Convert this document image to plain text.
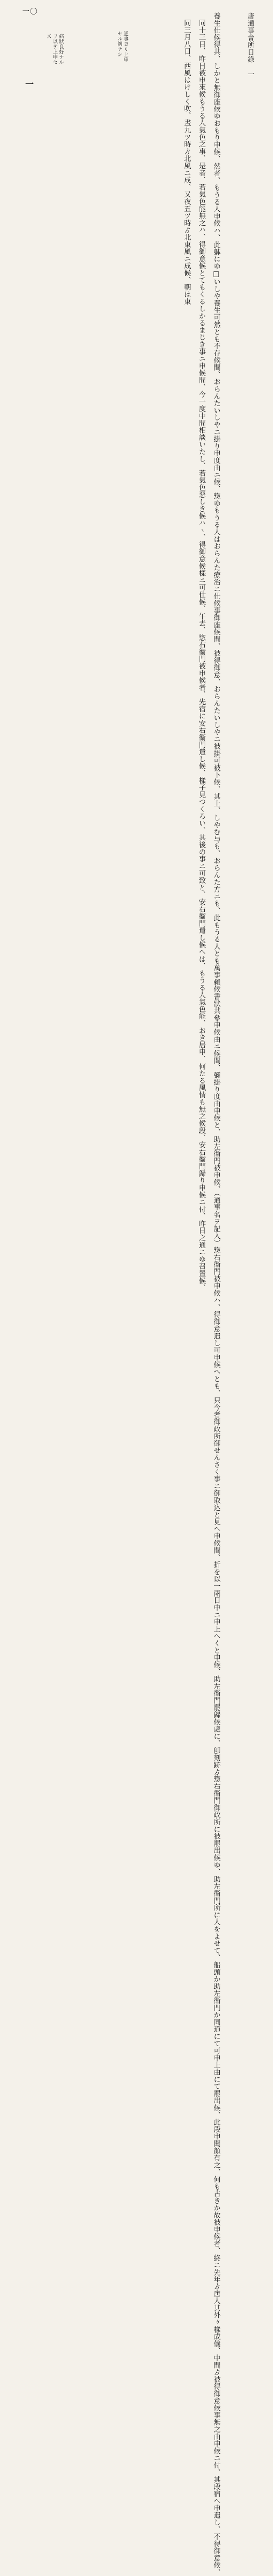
唐通事會所日錄　一
一〇
養生仕候得共、しかと無御座候ゆおもり申候、然者、もうる人申候ハ、此躰にゆ□いしや養生可然とも不存候間、おらんたいしやニ掛り申度由ニ候、惣ゆもうる人はおらんた療治ニ仕候事御座候間、被得御意、おらんたいしやニ被掛可被下候、其上、しやむ与も、おらんた方ニも、此もうる人とも萬事賴候書狀共參申候由ニ候間、彌掛り度由申候と、助左衞門被申候、（通事名ヲ記入）惣右衞門被申候ハ、得御意遣し可申候へとも、只今者御政所御せんさく事ニ御取込と見へ申候間、折を以一兩日中ニ申上へくと申候、助左衞門罷歸候處に、卽刻跡ゟ惣右衞門御政所に被罷出候ゆ、助左衞門所に人をよせて、船頭か助左衞門か同道にて可申上由にて罷出候、此段申聞顏有之、何も古きか故被申候者、終ニ先年ゟ唐人其外ヶ樣成儀、中間ゟ被得御意候事無之由申候ニ付、其段宿へ申遣し、不得御意候、
同十三日、昨日被申來候もうる人氣色之事、是者、若氣色能無之ハ、得御意候とてもくるしかるまじき事ニ申候間、今一度中間相談いたし、若氣色惡しき候ハヽ、得御意候樣ニ可仕候、午去、惣右衞門被申候者、先宿に安右衞門遣し候、樣子見つくろい、其後の事ニ可致と、安右衞門遣し候へは、もうる人氣色能、おき居申、何たる風情も無之候段、安右衞門歸り申候ニ付、昨日之通ニゆ召置候、
同三月八日、西風はけしく吹、晝九ツ時ゟ北風ニ成、又夜五ツ時ゟ北東風ニ成候、朝は東
通事ヨリ上申
セル例ナシ
病狀良好ナル
ヲ以テ上申セ
ズ
一
